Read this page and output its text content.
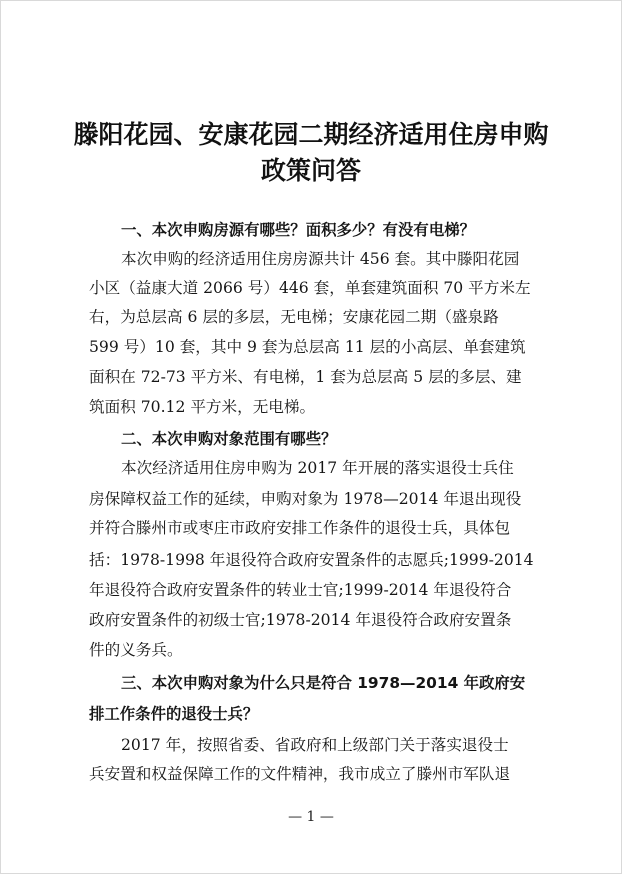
滕阳花园、安康花园二期经济适用住房申购
政策问答
一、本次申购房源有哪些？面积多少？有没有电梯？
本次申购的经济适用住房房源共计 456 套。其中滕阳花园
小区（益康大道 2066 号）446 套，单套建筑面积 70 平方米左
右，为总层高 6 层的多层，无电梯；安康花园二期（盛泉路
599 号）10 套，其中 9 套为总层高 11 层的小高层、单套建筑
面积在 72-73 平方米、有电梯，1 套为总层高 5 层的多层、建
筑面积 70.12 平方米，无电梯。
二、本次申购对象范围有哪些？
本次经济适用住房申购为 2017 年开展的落实退役士兵住
房保障权益工作的延续，申购对象为 1978—2014 年退出现役
并符合滕州市或枣庄市政府安排工作条件的退役士兵，具体包
括：1978-1998 年退役符合政府安置条件的志愿兵;1999-2014
年退役符合政府安置条件的转业士官;1999-2014 年退役符合
政府安置条件的初级士官;1978-2014 年退役符合政府安置条
件的义务兵。
三、本次申购对象为什么只是符合 1978—2014 年政府安
排工作条件的退役士兵？
2017 年，按照省委、省政府和上级部门关于落实退役士
兵安置和权益保障工作的文件精神，我市成立了滕州市军队退
— 1 —
